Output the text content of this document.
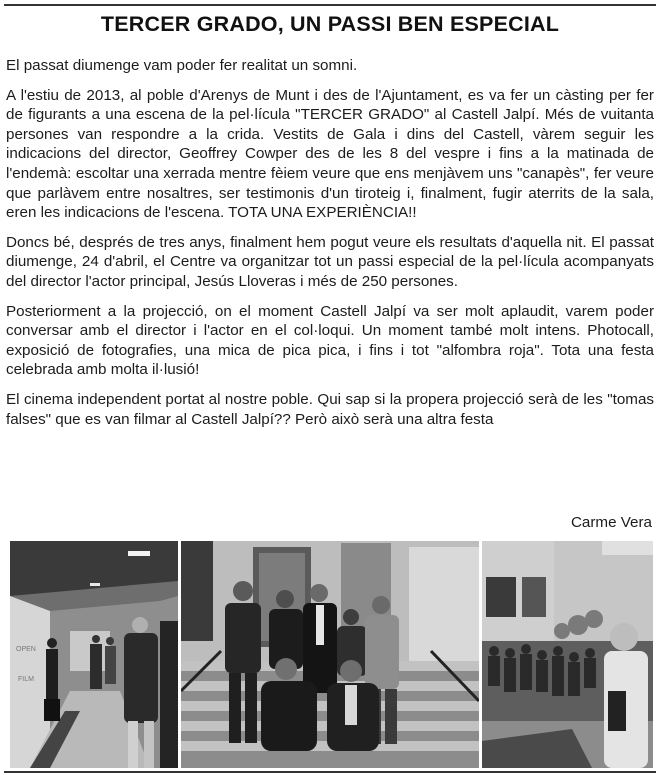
TERCER GRADO, UN PASSI BEN ESPECIAL

El passat diumenge vam poder fer realitat un somni.

A l'estiu de 2013, al poble d'Arenys de Munt i des de l'Ajuntament, es va fer un càsting per fer de figurants a una escena de la pel·lícula "TERCER GRADO" al Castell Jalpí. Més de vuitanta persones van respondre a la crida. Vestits de Gala i dins del Castell, vàrem seguir les indicacions del director, Geoffrey Cowper des de les 8 del vespre i fins a la matinada de l'endemà: escoltar una xerrada mentre fèiem veure que ens menjàvem uns "canapès", fer veure que parlàvem entre nosaltres, ser testimonis d'un tiroteig i, finalment, fugir aterrits de la sala, eren les indicacions de l'escena. TOTA UNA EXPERIÈNCIA!!

Doncs bé, després de tres anys, finalment hem pogut veure els resultats d'aquella nit. El passat diumenge, 24 d'abril, el Centre va organitzar tot un passi especial de la pel·lícula acompanyats del director l'actor principal, Jesús Lloveras i més de 250 persones.

Posteriorment a la projecció, on el moment Castell Jalpí va ser molt aplaudit, varem poder conversar amb el director i l'actor en el col·loqui. Un moment també molt intens. Photocall, exposició de fotografies, una mica de pica pica, i fins i tot "alfombra roja". Tota una festa celebrada amb molta il·lusió!

El cinema independent portat al nostre poble. Qui sap si la propera projecció serà de les "tomas falses" que es van filmar al Castell Jalpí?? Però això serà una altra festa

Carme Vera
OPEN
FILM
